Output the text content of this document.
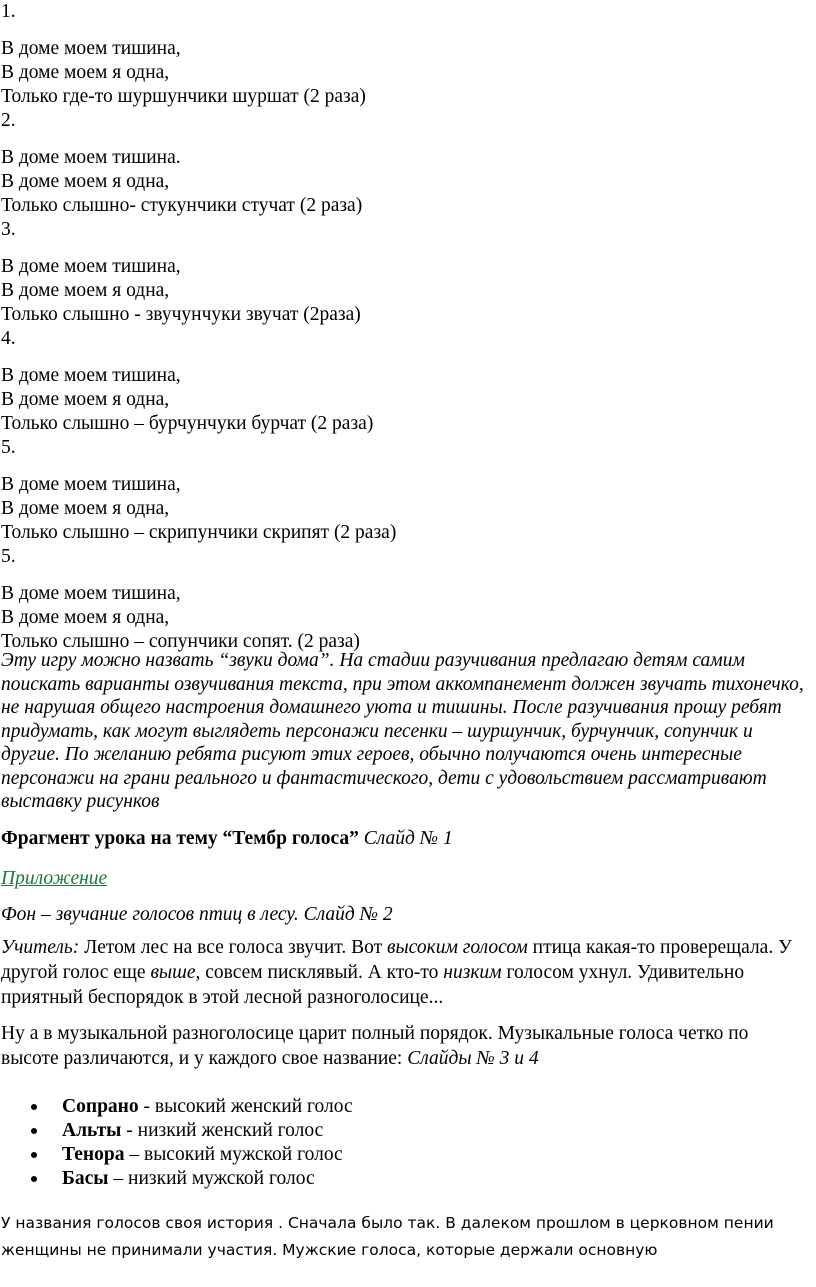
1.
В доме моем тишина,
В доме моем я одна,
Только где-то шуршунчики шуршат (2 раза)
2.
В доме моем тишина.
В доме моем я одна,
Только слышно- стукунчики стучат (2 раза)
3.
В доме моем тишина,
В доме моем я одна,
Только слышно - звучунчуки звучат (2раза)
4.
В доме моем тишина,
В доме моем я одна,
Только слышно – бурчунчуки бурчат (2 раза)
5.
В доме моем тишина,
В доме моем я одна,
Только слышно – скрипунчики скрипят (2 раза)
5.
В доме моем тишина,
В доме моем я одна,
Только слышно – сопунчики сопят. (2 раза)
Эту игру можно назвать “звуки дома”. На стадии разучивания предлагаю детям самим поискать варианты озвучивания текста, при этом аккомпанемент должен звучать тихонечко, не нарушая общего настроения домашнего уюта и тишины. После разучивания прошу ребят придумать, как могут выглядеть персонажи песенки – шуршунчик, бурчунчик, сопунчик и другие. По желанию ребята рисуют этих героев, обычно получаются очень интересные персонажи на грани реального и фантастического, дети с удовольствием рассматривают выставку рисунков
Фрагмент урока на тему “Тембр голоса” Слайд № 1
Приложение
Фон – звучание голосов птиц в лесу. Слайд № 2
Учитель: Летом лес на все голоса звучит. Вот высоким голосом птица какая-то проверещала. У другой голос еще выше, совсем писклявый. А кто-то низким голосом ухнул. Удивительно приятный беспорядок в этой лесной разноголосице...
Ну а в музыкальной разноголосице царит полный порядок. Музыкальные голоса четко по высоте различаются, и у каждого свое название: Слайды № 3 и 4
Сопрано - высокий женский голос
Альты - низкий женский голос
Тенора – высокий мужской голос
Басы – низкий мужской голос
У названия голосов своя история . Сначала было так. В далеком прошлом в церковном пении
женщины не принимали участия. Мужские голоса, которые держали основную
